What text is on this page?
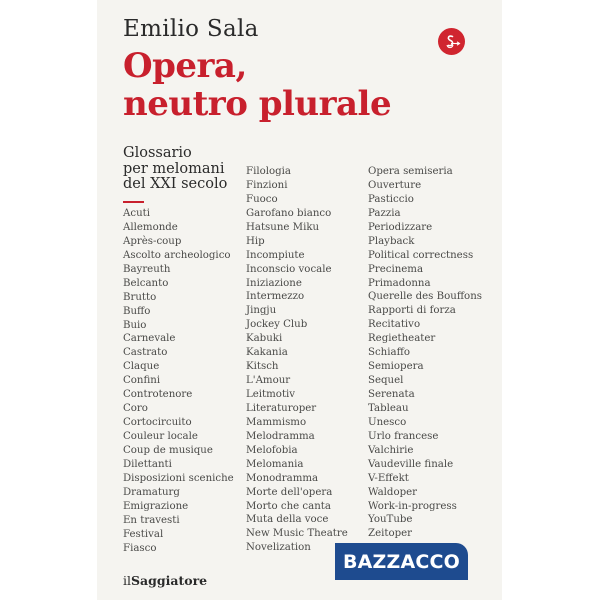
Emilio Sala
Opera,
neutro plurale
Glossario
per melomani
del XXI secolo
Acuti
Allemonde
Après-coup
Ascolto archeologico
Bayreuth
Belcanto
Brutto
Buffo
Buio
Carnevale
Castrato
Claque
Confini
Controtenore
Coro
Cortocircuito
Couleur locale
Coup de musique
Dilettanti
Disposizioni sceniche
Dramaturg
Emigrazione
En travesti
Festival
Fiasco
Filologia
Finzioni
Fuoco
Garofano bianco
Hatsune Miku
Hip
Incompiute
Inconscio vocale
Iniziazione
Intermezzo
Jingju
Jockey Club
Kabuki
Kakania
Kitsch
L'Amour
Leitmotiv
Literaturoper
Mammismo
Melodramma
Melofobia
Melomania
Monodramma
Morte dell'opera
Morto che canta
Muta della voce
New Music Theatre
Novelization
Opera semiseria
Ouverture
Pasticcio
Pazzia
Periodizzare
Playback
Political correctness
Precinema
Primadonna
Querelle des Bouffons
Rapporti di forza
Recitativo
Regietheater
Schiaffo
Semiopera
Sequel
Serenata
Tableau
Unesco
Urlo francese
Valchirie
Vaudeville finale
V-Effekt
Waldoper
Work-in-progress
YouTube
Zeitoper
ilSaggiatore
BAZZACCO
